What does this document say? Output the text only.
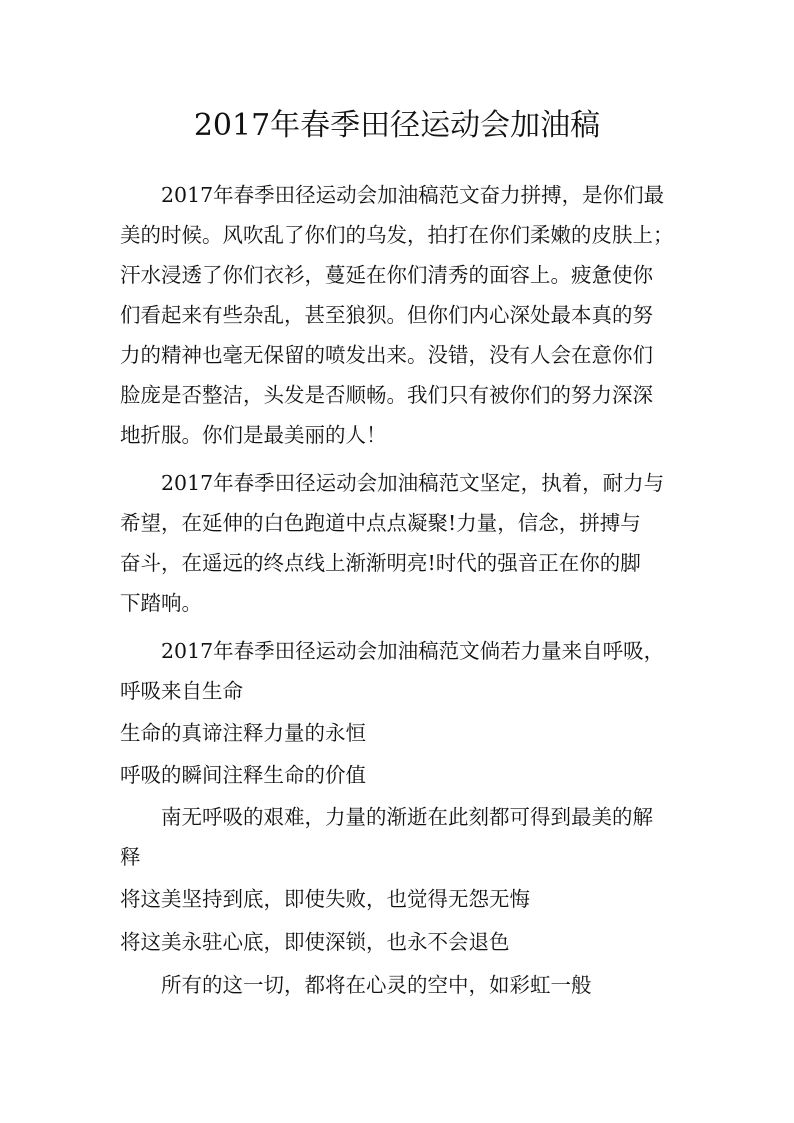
2017年春季田径运动会加油稿
2017年春季田径运动会加油稿范文奋力拼搏，是你们最
美的时候。风吹乱了你们的乌发，拍打在你们柔嫩的皮肤上；
汗水浸透了你们衣衫，蔓延在你们清秀的面容上。疲惫使你
们看起来有些杂乱，甚至狼狈。但你们内心深处最本真的努
力的精神也毫无保留的喷发出来。没错，没有人会在意你们
脸庞是否整洁，头发是否顺畅。我们只有被你们的努力深深
地折服。你们是最美丽的人！
2017年春季田径运动会加油稿范文坚定，执着，耐力与
希望，在延伸的白色跑道中点点凝聚!力量，信念，拼搏与
奋斗，在遥远的终点线上渐渐明亮!时代的强音正在你的脚
下踏响。
2017年春季田径运动会加油稿范文倘若力量来自呼吸，
呼吸来自生命
生命的真谛注释力量的永恒
呼吸的瞬间注释生命的价值
南无呼吸的艰难，力量的渐逝在此刻都可得到最美的解
释
将这美坚持到底，即使失败，也觉得无怨无悔
将这美永驻心底，即使深锁，也永不会退色
所有的这一切，都将在心灵的空中，如彩虹一般
